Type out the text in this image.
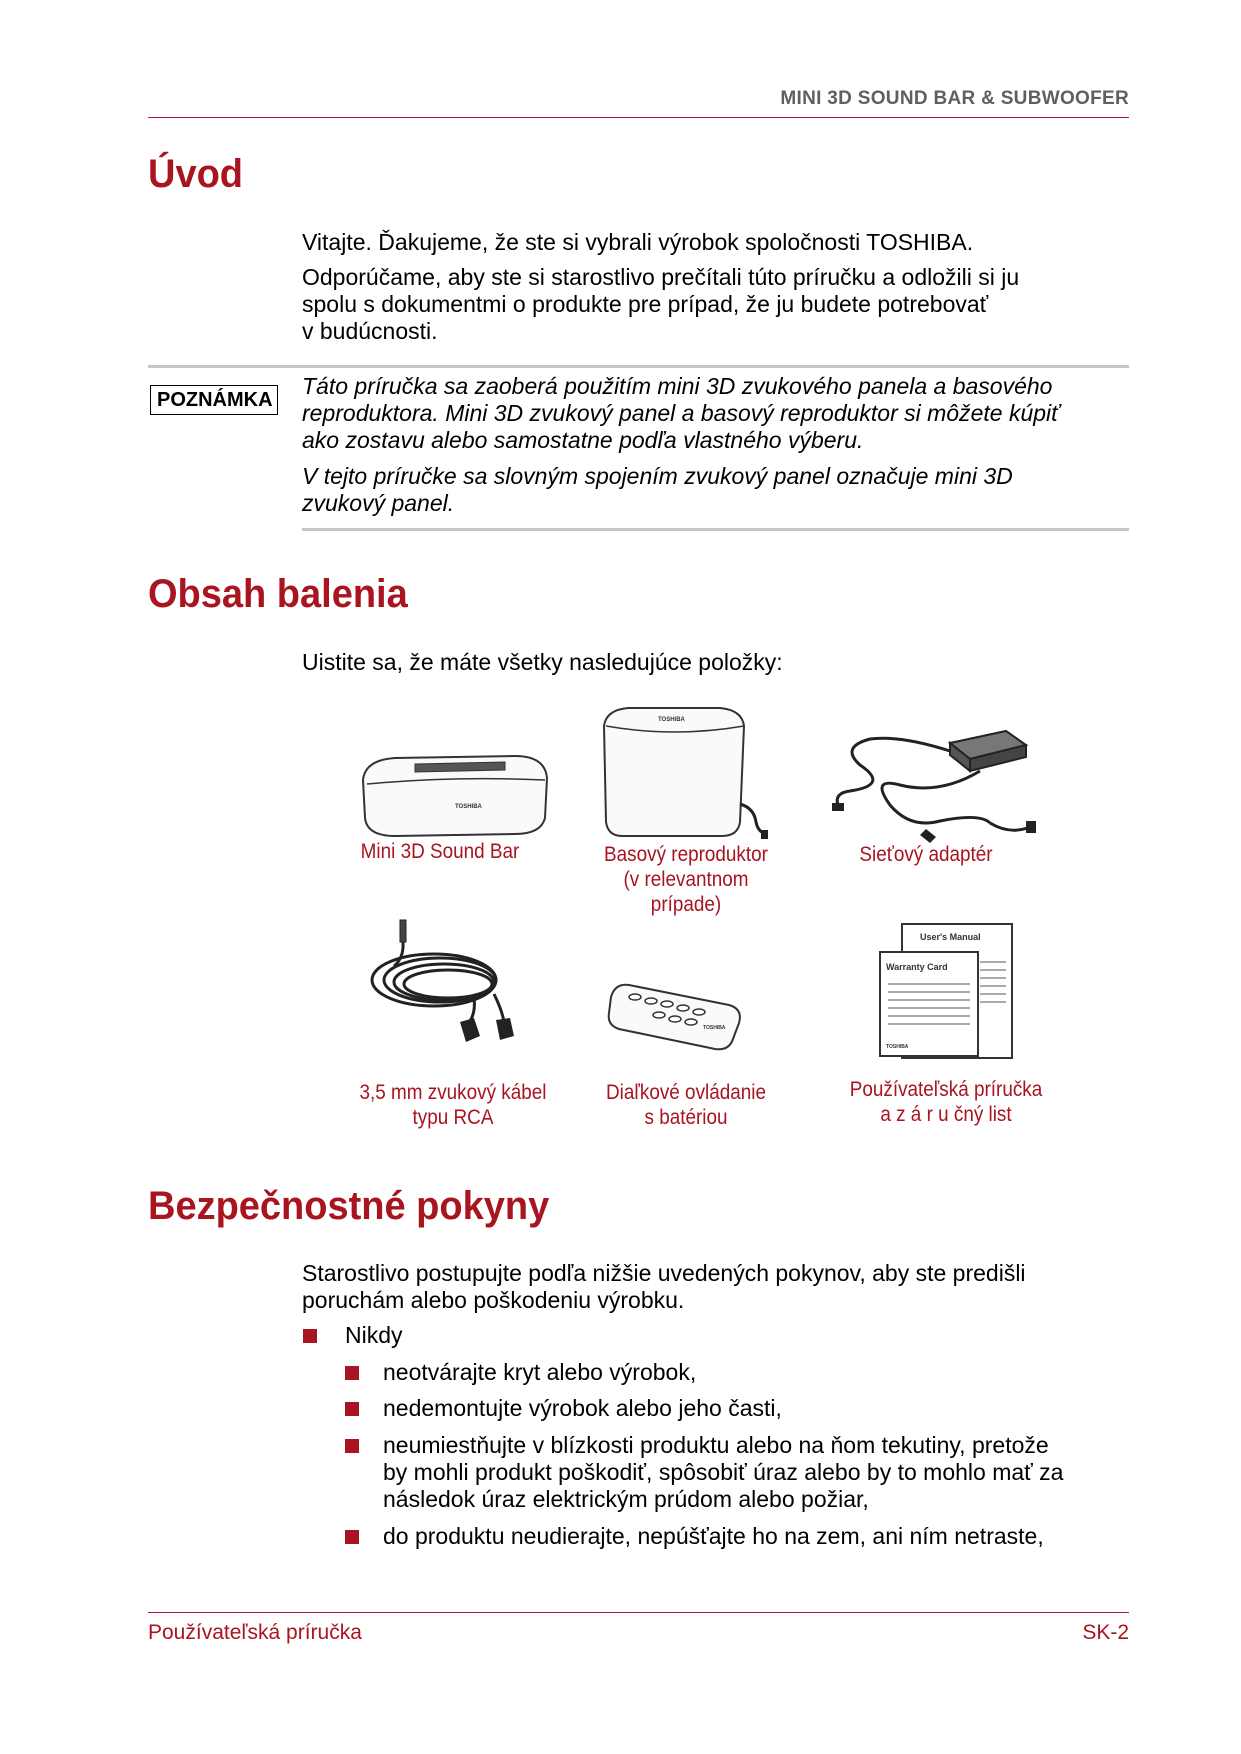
MINI 3D SOUND BAR & SUBWOOFER
Úvod

Vitajte. Ďakujeme, že ste si vybrali výrobok spoločnosti TOSHIBA.

Odporúčame, aby ste si starostlivo prečítali túto príručku a odložili si ju
spolu s dokumentmi o produkte pre prípad, že ju budete potrebovať
v budúcnosti.
POZNÁMKA
Táto príručka sa zaoberá použitím mini 3D zvukového panela a basového
reproduktora. Mini 3D zvukový panel a basový reproduktor si môžete kúpiť
ako zostavu alebo samostatne podľa vlastného výberu.
V tejto príručke sa slovným spojením zvukový panel označuje mini 3D
zvukový panel.
Obsah balenia

Uistite sa, že máte všetky nasledujúce položky:

TOSHIBA
Mini 3D Sound Bar
TOSHIBA
Basový reproduktor
(v relevantnom
prípade)
Sieťový adaptér
3,5 mm zvukový kábel
typu RCA
TOSHIBA
Diaľkové ovládanie
s batériou
User's Manual
Warranty Card
TOSHIBA
Používateľská príručka
a z á r u čný list
Bezpečnostné pokyny
Starostlivo postupujte podľa nižšie uvedených pokynov, aby ste predišli
poruchám alebo poškodeniu výrobku.

Nikdy

neotvárajte kryt alebo výrobok,

nedemontujte výrobok alebo jeho časti,

neumiestňujte v blízkosti produktu alebo na ňom tekutiny, pretože
by mohli produkt poškodiť, spôsobiť úraz alebo by to mohlo mať za
následok úraz elektrickým prúdom alebo požiar,

do produktu neudierajte, nepúšťajte ho na zem, ani ním netraste,

Používateľská príručka	SK-2
